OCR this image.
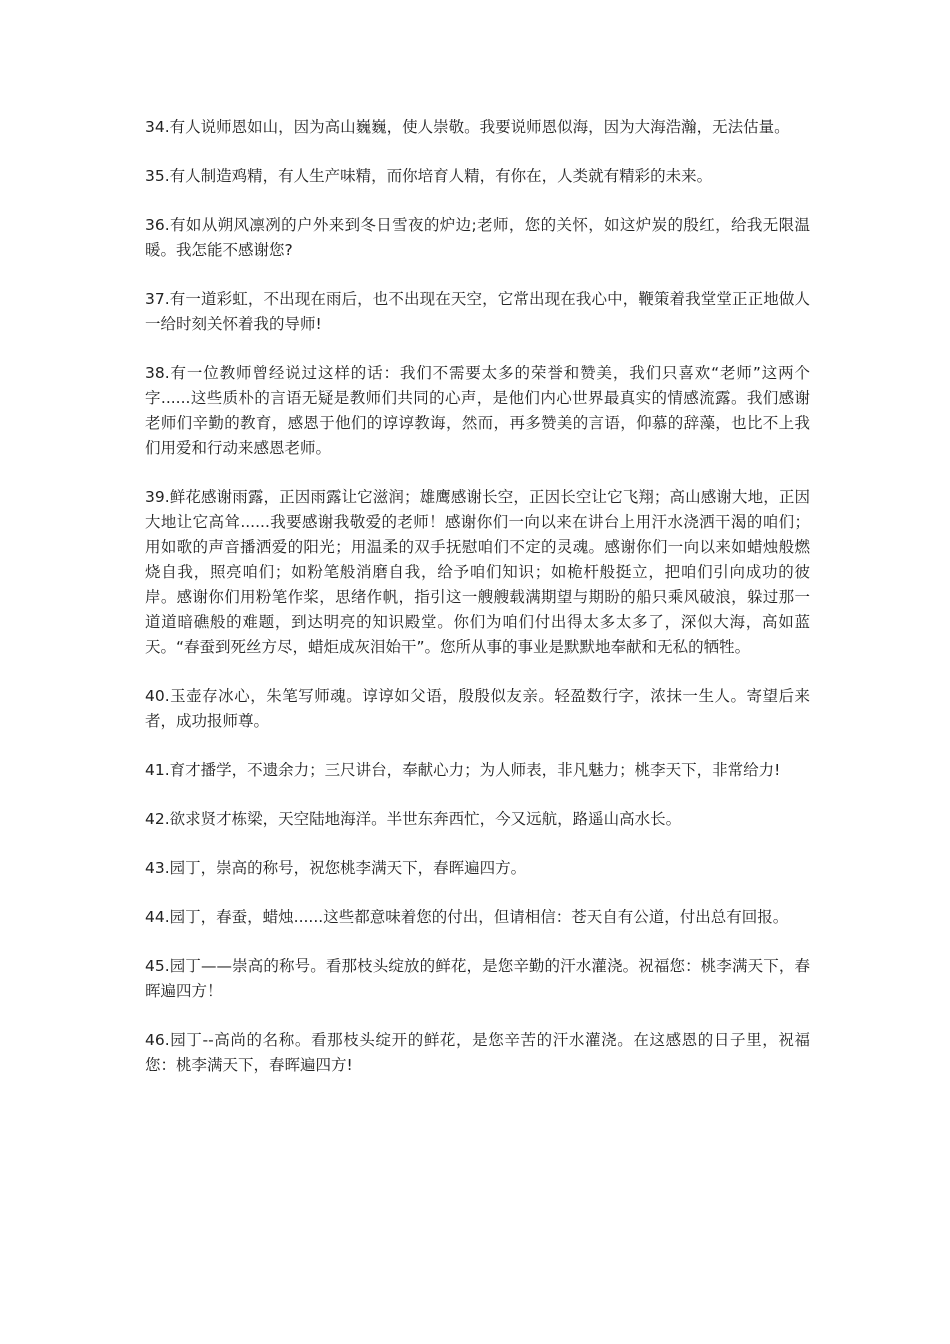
34.有人说师恩如山，因为高山巍巍，使人崇敬。我要说师恩似海，因为大海浩瀚，无法估量。

35.有人制造鸡精，有人生产味精，而你培育人精，有你在，人类就有精彩的未来。

36.有如从朔风凛冽的户外来到冬日雪夜的炉边;老师，您的关怀，如这炉炭的殷红，给我无限温暖。我怎能不感谢您?

37.有一道彩虹，不出现在雨后，也不出现在天空，它常出现在我心中，鞭策着我堂堂正正地做人一给时刻关怀着我的导师!

38.有一位教师曾经说过这样的话：我们不需要太多的荣誉和赞美，我们只喜欢“老师”这两个字......这些质朴的言语无疑是教师们共同的心声，是他们内心世界最真实的情感流露。我们感谢老师们辛勤的教育，感恩于他们的谆谆教诲，然而，再多赞美的言语，仰慕的辞藻，也比不上我们用爱和行动来感恩老师。

39.鲜花感谢雨露，正因雨露让它滋润；雄鹰感谢长空，正因长空让它飞翔；高山感谢大地，正因大地让它高耸......我要感谢我敬爱的老师！感谢你们一向以来在讲台上用汗水浇洒干渴的咱们；用如歌的声音播洒爱的阳光；用温柔的双手抚慰咱们不定的灵魂。感谢你们一向以来如蜡烛般燃烧自我，照亮咱们；如粉笔般消磨自我，给予咱们知识；如桅杆般挺立，把咱们引向成功的彼岸。感谢你们用粉笔作桨，思绪作帆，指引这一艘艘载满期望与期盼的船只乘风破浪，躲过那一道道暗礁般的难题，到达明亮的知识殿堂。你们为咱们付出得太多太多了，深似大海，高如蓝天。“春蚕到死丝方尽，蜡炬成灰泪始干”。您所从事的事业是默默地奉献和无私的牺牲。

40.玉壶存冰心，朱笔写师魂。谆谆如父语，殷殷似友亲。轻盈数行字，浓抹一生人。寄望后来者，成功报师尊。

41.育才播学，不遗余力；三尺讲台，奉献心力；为人师表，非凡魅力；桃李天下，非常给力!

42.欲求贤才栋梁，天空陆地海洋。半世东奔西忙，今又远航，路遥山高水长。

43.园丁，崇高的称号，祝您桃李满天下，春晖遍四方。

44.园丁，春蚕，蜡烛......这些都意味着您的付出，但请相信：苍天自有公道，付出总有回报。

45.园丁——崇高的称号。看那枝头绽放的鲜花，是您辛勤的汗水灌浇。祝福您：桃李满天下，春晖遍四方！

46.园丁--高尚的名称。看那枝头绽开的鲜花，是您辛苦的汗水灌浇。在这感恩的日子里，祝福您：桃李满天下，春晖遍四方!
